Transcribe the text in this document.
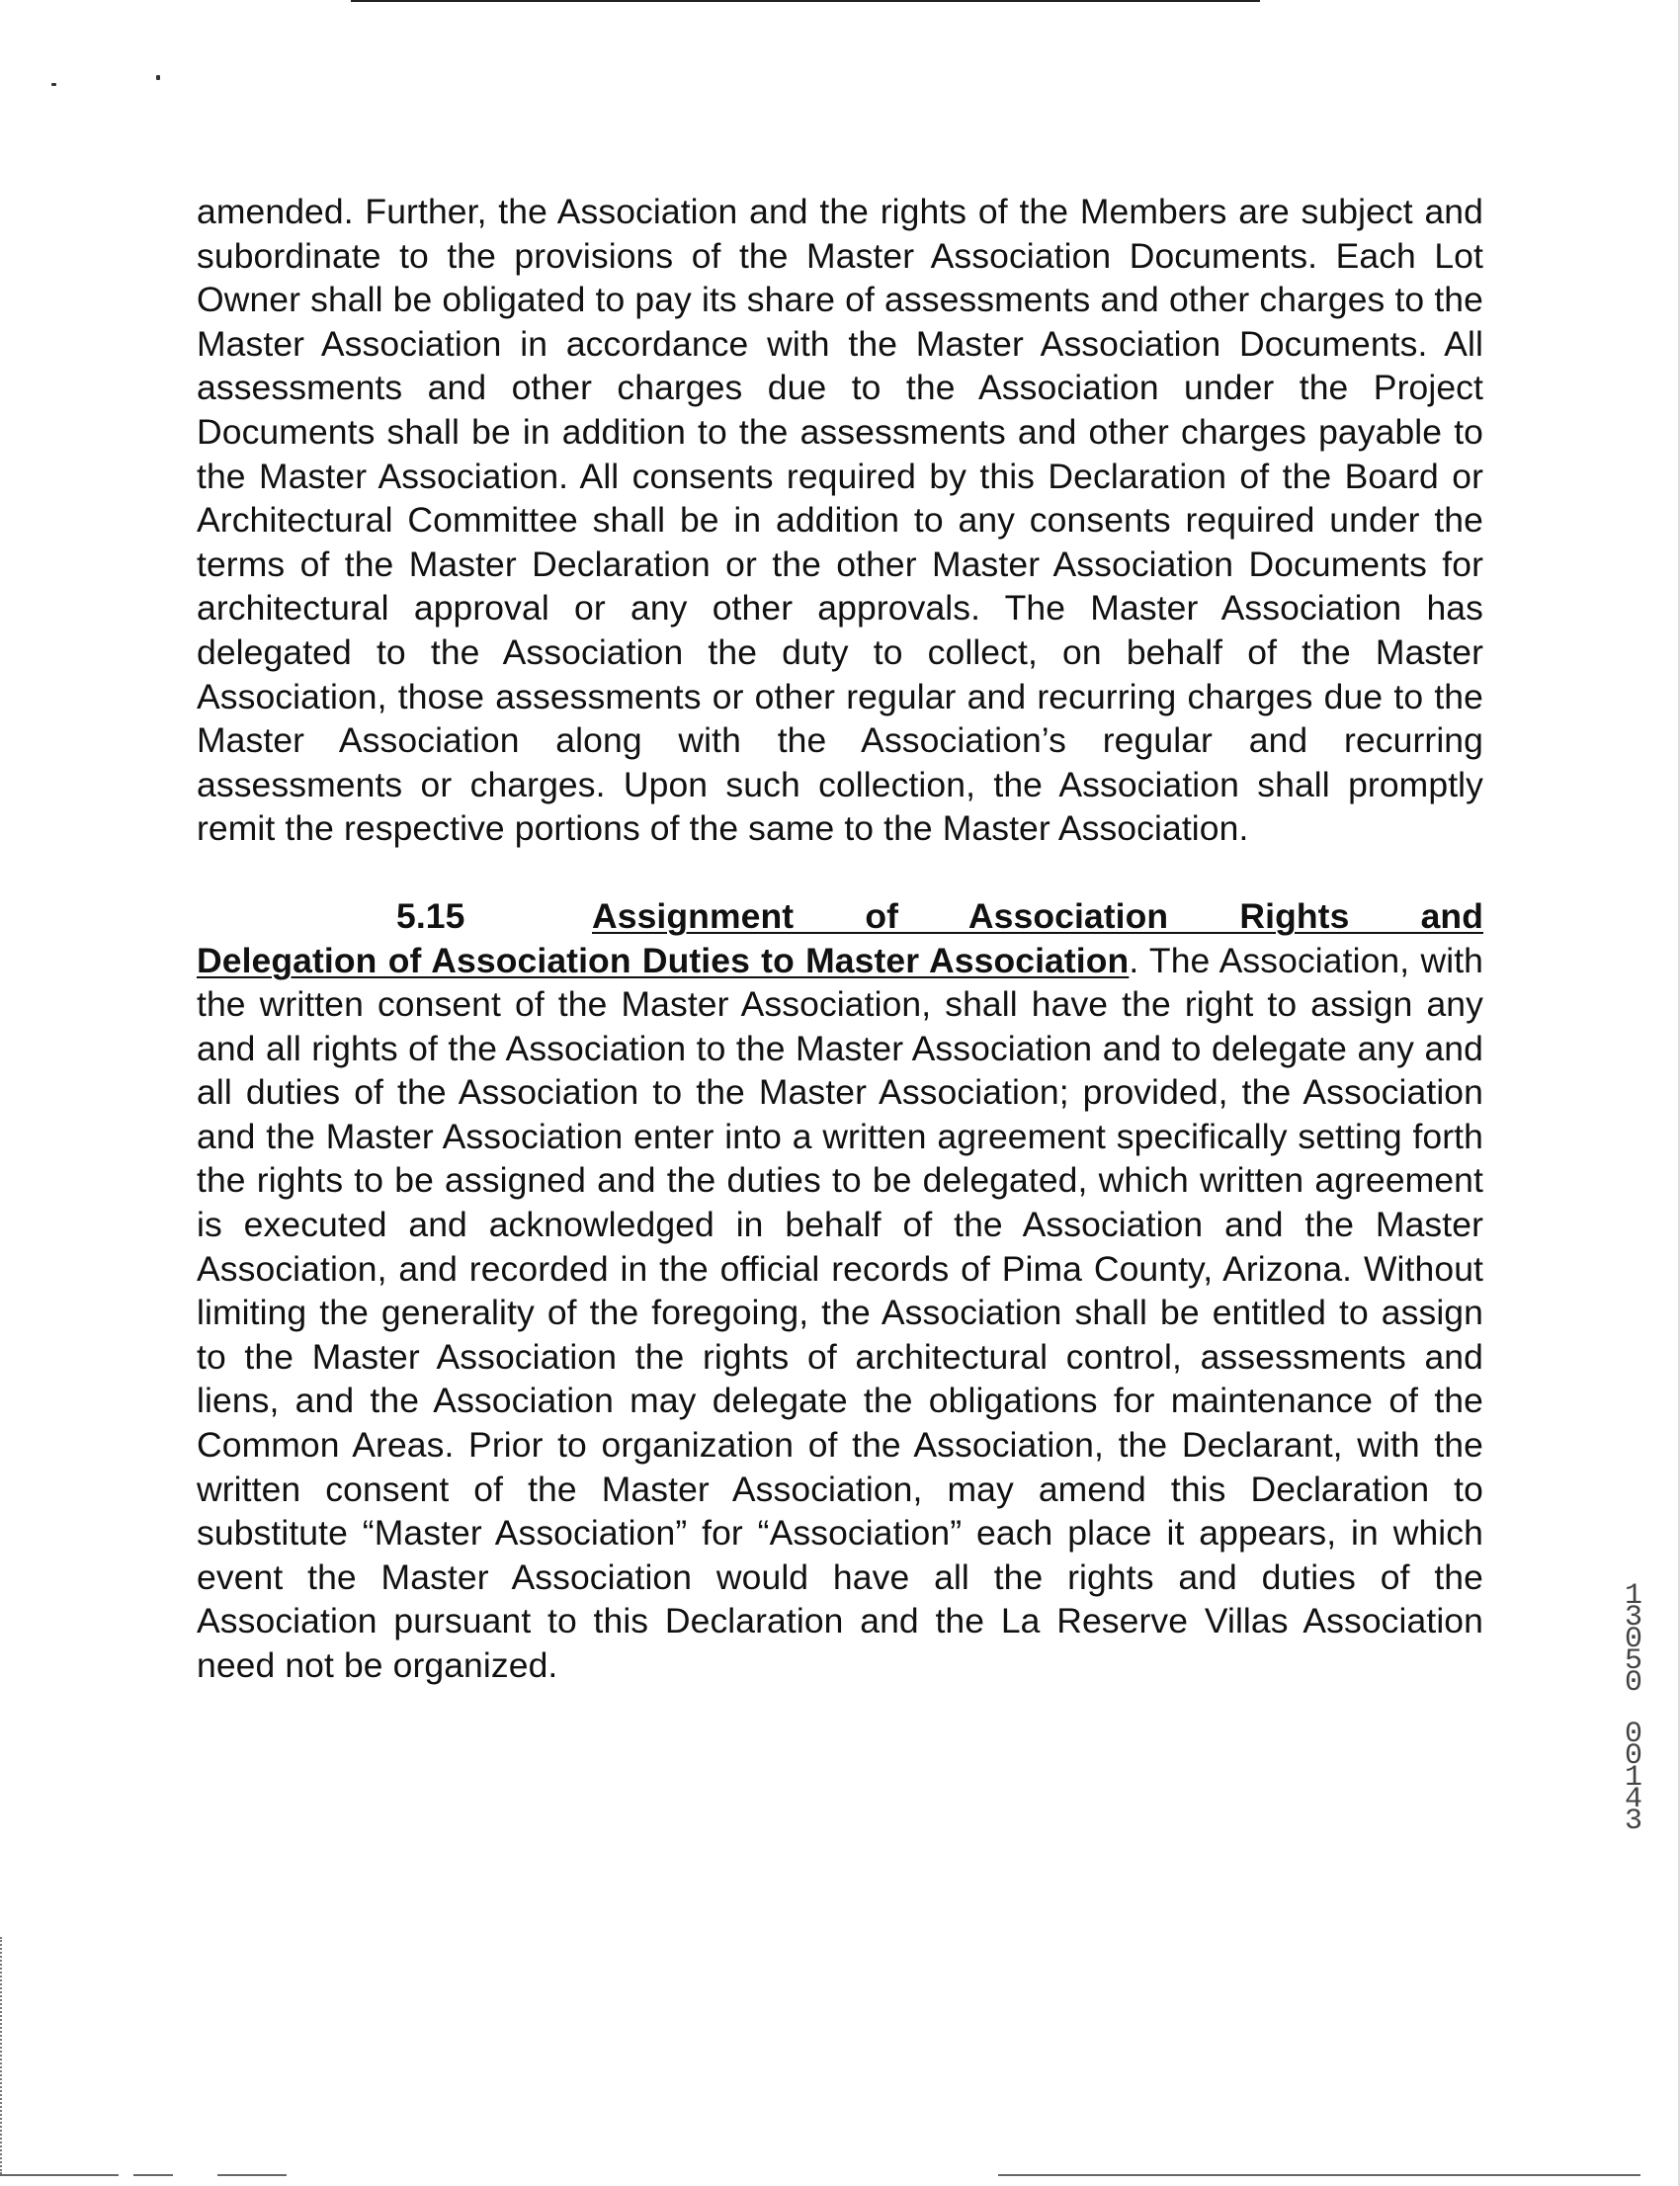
amended. Further, the Association and the rights of the Members are subject and subordinate to the provisions of the Master Association Documents. Each Lot Owner shall be obligated to pay its share of assessments and other charges to the Master Association in accordance with the Master Association Documents. All assessments and other charges due to the Association under the Project Documents shall be in addition to the assessments and other charges payable to the Master Association. All consents required by this Declaration of the Board or Architectural Committee shall be in addition to any consents required under the terms of the Master Declaration or the other Master Association Documents for architectural approval or any other approvals. The Master Association has delegated to the Association the duty to collect, on behalf of the Master Association, those assessments or other regular and recurring charges due to the Master Association along with the Association’s regular and recurring assessments or charges. Upon such collection, the Association shall promptly remit the respective portions of the same to the Master Association.

5.15	Assignment of Association Rights and Delegation of Association Duties to Master Association. The Association, with the written consent of the Master Association, shall have the right to assign any and all rights of the Association to the Master Association and to delegate any and all duties of the Association to the Master Association; provided, the Association and the Master Association enter into a written agreement specifically setting forth the rights to be assigned and the duties to be delegated, which written agreement is executed and acknowledged in behalf of the Association and the Master Association, and recorded in the official records of Pima County, Arizona. Without limiting the generality of the foregoing, the Association shall be entitled to assign to the Master Association the rights of architectural control, assessments and liens, and the Association may delegate the obligations for maintenance of the Common Areas. Prior to organization of the Association, the Declarant, with the written consent of the Master Association, may amend this Declaration to substitute “Master Association” for “Association” each place it appears, in which event the Master Association would have all the rights and duties of the Association pursuant to this Declaration and the La Reserve Villas Association need not be organized.

13050
00143
